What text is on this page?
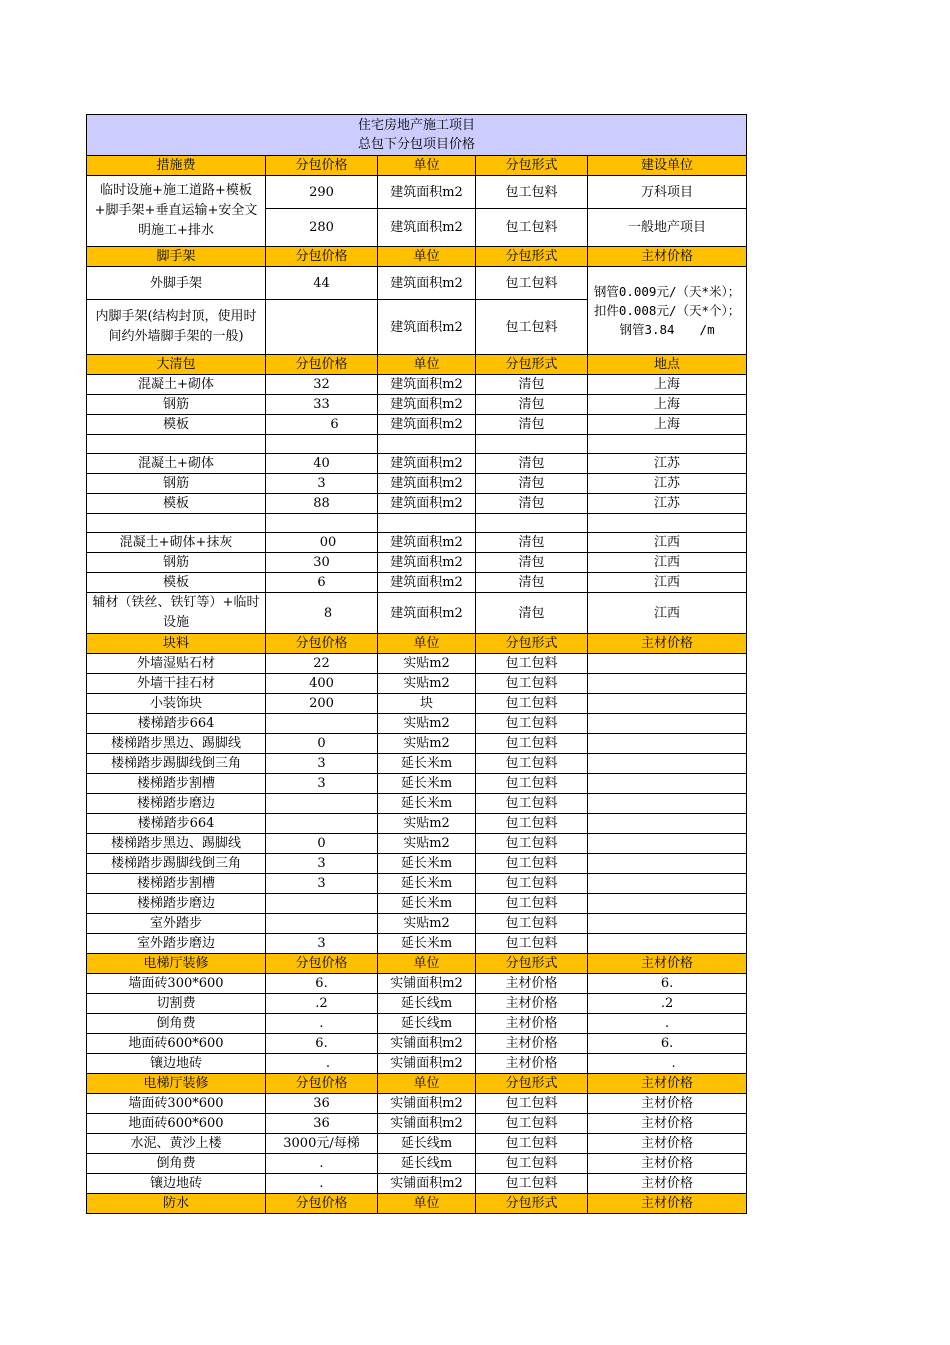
住宅房地产施工项目
总包下分包项目价格				

措施费	分包价格	单位	分包形式	建设单位
临时设施+施工道路+模板+脚手架+垂直运输+安全文明施工+排水	290	建筑面积m2	包工包料	万科项目
	280	建筑面积m2	包工包料	一般地产项目
脚手架	分包价格	单位	分包形式	主材价格
外脚手架	44	建筑面积m2	包工包料	钢管0.009元/（天*米）；扣件0.008元/（天*个）；钢管3.84　　/m
内脚手架(结构封顶，使用时间约外墙脚手架的一般)		建筑面积m2	包工包料	
大清包	分包价格	单位	分包形式	地点
混凝土+砌体	32	建筑面积m2	清包	上海
钢筋	33	建筑面积m2	清包	上海
模板	　　6	建筑面积m2	清包	上海

混凝土+砌体	40	建筑面积m2	清包	江苏
钢筋	3	建筑面积m2	清包	江苏
模板	88	建筑面积m2	清包	江苏

混凝土+砌体+抹灰	　00	建筑面积m2	清包	江西
钢筋	30	建筑面积m2	清包	江西
模板	6	建筑面积m2	清包	江西
辅材（铁丝、铁钉等）+临时设施	　8	建筑面积m2	清包	江西
块料	分包价格	单位	分包形式	主材价格
外墙湿贴石材	22	实贴m2	包工包料	
外墙干挂石材	400	实贴m2	包工包料	
小装饰块	200	块	包工包料	
楼梯踏步664		实贴m2	包工包料	
楼梯踏步黑边、踢脚线	0	实贴m2	包工包料	
楼梯踏步踢脚线倒三角	3	延长米m	包工包料	
楼梯踏步割槽	3	延长米m	包工包料	
楼梯踏步磨边		延长米m	包工包料	
楼梯踏步664		实贴m2	包工包料	
楼梯踏步黑边、踢脚线	0	实贴m2	包工包料	
楼梯踏步踢脚线倒三角	3	延长米m	包工包料	
楼梯踏步割槽	3	延长米m	包工包料	
楼梯踏步磨边		延长米m	包工包料	
室外踏步		实贴m2	包工包料	
室外踏步磨边	3	延长米m	包工包料	
电梯厅装修	分包价格	单位	分包形式	主材价格
墙面砖300*600	6.	实铺面积m2	主材价格	6.
切割费	.2	延长线m	主材价格	.2
倒角费	.	延长线m	主材价格	.
地面砖600*600	6.	实铺面积m2	主材价格	6.
镶边地砖	　.	实铺面积m2	主材价格	　.
电梯厅装修	分包价格	单位	分包形式	主材价格
墙面砖300*600	36	实铺面积m2	包工包料	主材价格
地面砖600*600	36	实铺面积m2	包工包料	主材价格
水泥、黄沙上楼	3000元/每梯	延长线m	包工包料	主材价格
倒角费	.	延长线m	包工包料	主材价格
镶边地砖	.	实铺面积m2	包工包料	主材价格
防水	分包价格	单位	分包形式	主材价格
